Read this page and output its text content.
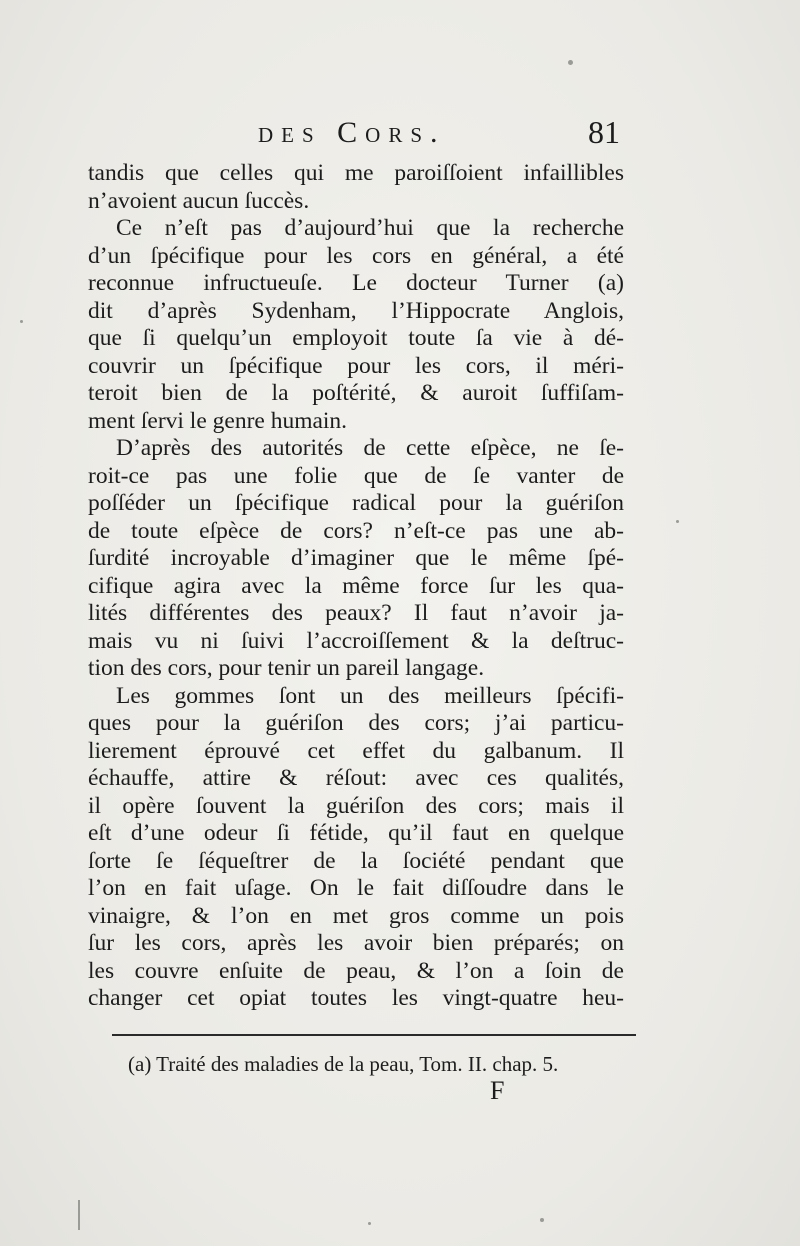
des Cors.	81
tandis que celles qui me paroiſſoient infaillibles
n’avoient aucun ſuccès.
Ce n’eſt pas d’aujourd’hui que la recherche
d’un ſpécifique pour les cors en général, a été
reconnue infructueuſe. Le docteur Turner (a)
dit d’après Sydenham, l’Hippocrate Anglois,
que ſi quelqu’un employoit toute ſa vie à dé-
couvrir un ſpécifique pour les cors, il méri-
teroit bien de la poſtérité, & auroit ſuffiſam-
ment ſervi le genre humain.
D’après des autorités de cette eſpèce, ne ſe-
roit-ce pas une folie que de ſe vanter de
poſſéder un ſpécifique radical pour la guériſon
de toute eſpèce de cors? n’eſt-ce pas une ab-
ſurdité incroyable d’imaginer que le même ſpé-
cifique agira avec la même force ſur les qua-
lités différentes des peaux? Il faut n’avoir ja-
mais vu ni ſuivi l’accroiſſement & la deſtruc-
tion des cors, pour tenir un pareil langage.
Les gommes ſont un des meilleurs ſpécifi-
ques pour la guériſon des cors; j’ai particu-
lierement éprouvé cet effet du galbanum. Il
échauffe, attire & réſout: avec ces qualités,
il opère ſouvent la guériſon des cors; mais il
eſt d’une odeur ſi fétide, qu’il faut en quelque
ſorte ſe ſéqueſtrer de la ſociété pendant que
l’on en fait uſage. On le fait diſſoudre dans le
vinaigre, & l’on en met gros comme un pois
ſur les cors, après les avoir bien préparés; on
les couvre enſuite de peau, & l’on a ſoin de
changer cet opiat toutes les vingt-quatre heu-
(a) Traité des maladies de la peau, Tom. II. chap. 5.
F
